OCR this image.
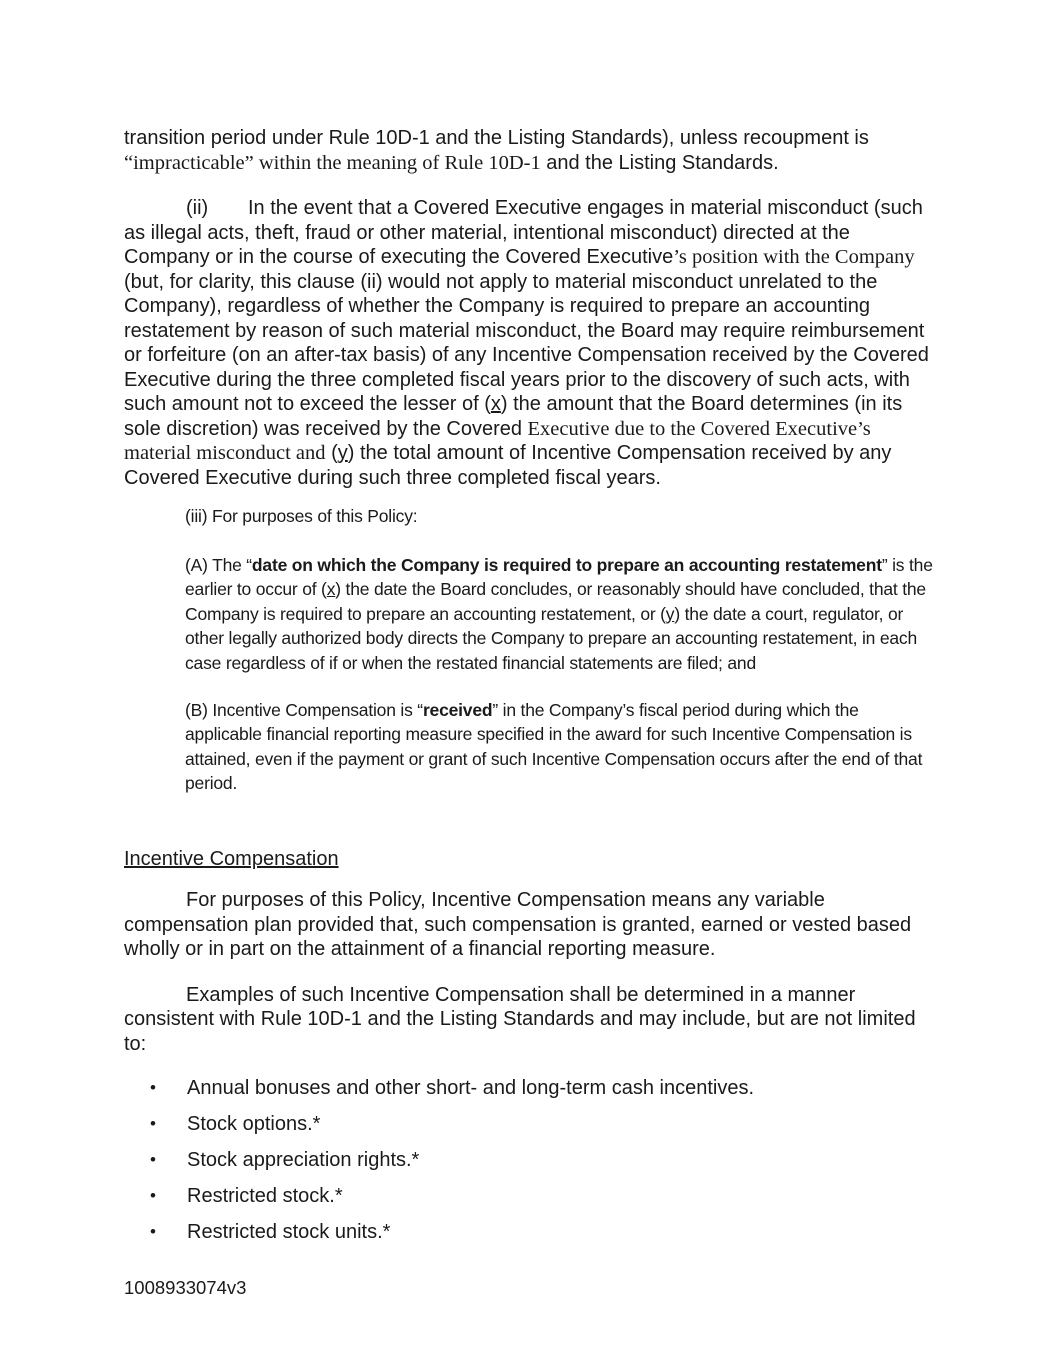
transition period under Rule 10D-1 and the Listing Standards), unless recoupment is “impracticable” within the meaning of Rule 10D-1 and the Listing Standards.
	(ii)	In the event that a Covered Executive engages in material misconduct (such as illegal acts, theft, fraud or other material, intentional misconduct) directed at the Company or in the course of executing the Covered Executive’s position with the Company (but, for clarity, this clause (ii) would not apply to material misconduct unrelated to the Company), regardless of whether the Company is required to prepare an accounting restatement by reason of such material misconduct, the Board may require reimbursement or forfeiture (on an after-tax basis) of any Incentive Compensation received by the Covered Executive during the three completed fiscal years prior to the discovery of such acts, with such amount not to exceed the lesser of (x) the amount that the Board determines (in its sole discretion) was received by the Covered Executive due to the Covered Executive’s material misconduct and (y) the total amount of Incentive Compensation received by any Covered Executive during such three completed fiscal years.
(iii) For purposes of this Policy:
(A) The “date on which the Company is required to prepare an accounting restatement” is the earlier to occur of (x) the date the Board concludes, or reasonably should have concluded, that the Company is required to prepare an accounting restatement, or (y) the date a court, regulator, or other legally authorized body directs the Company to prepare an accounting restatement, in each case regardless of if or when the restated financial statements are filed; and
(B) Incentive Compensation is “received” in the Company’s fiscal period during which the applicable financial reporting measure specified in the award for such Incentive Compensation is attained, even if the payment or grant of such Incentive Compensation occurs after the end of that period.
Incentive Compensation
	For purposes of this Policy, Incentive Compensation means any variable compensation plan provided that, such compensation is granted, earned or vested based wholly or in part on the attainment of a financial reporting measure.
	Examples of such Incentive Compensation shall be determined in a manner consistent with Rule 10D-1 and the Listing Standards and may include, but are not limited to:
•	Annual bonuses and other short- and long-term cash incentives.
•	Stock options.*
•	Stock appreciation rights.*
•	Restricted stock.*
•	Restricted stock units.*
1008933074v3
